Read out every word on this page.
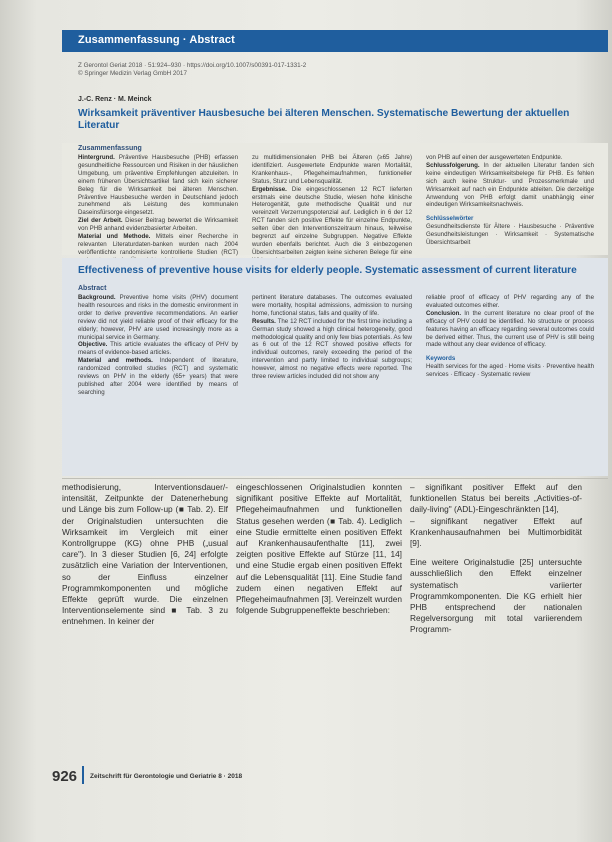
Zusammenfassung · Abstract
Z Gerontol Geriat 2018 · 51:924–930 · https://doi.org/10.1007/s00391-017-1331-2
© Springer Medizin Verlag GmbH 2017
J.-C. Renz · M. Meinck
Wirksamkeit präventiver Hausbesuche bei älteren Menschen. Systematische Bewertung der aktuellen Literatur
Zusammenfassung

Hintergrund. Präventive Hausbesuche (PHB) erfassen gesundheitliche Ressourcen und Risiken in der häuslichen Umgebung, um präventive Empfehlungen abzuleiten. In einem früheren Übersichtsartikel fand sich kein sicherer Beleg für die Wirksamkeit bei älteren Menschen. Präventive Hausbesuche werden in Deutschland jedoch zunehmend als Leistung des kommunalen Daseinsfürsorge eingesetzt.

Ziel der Arbeit. Dieser Beitrag bewertet die Wirksamkeit von PHB anhand evidenzbasierter Arbeiten.

Material und Methode. Mittels einer Recherche in relevanten Literaturdaten-banken wurden nach 2004 veröffentlichte randomisierte kontrollierte Studien (RCT)

zu multidimensionalen PHB bei Älteren (≥65 Jahre) identifiziert. Ausgewertete Endpunkte waren Mortalität, Krankenhaus-, Pflegeheimaufnahmen, funktioneller Status, Sturz und Lebensqualität.

Ergebnisse. Die eingeschlossenen 12 RCT lieferten erstmals eine deutsche Studie, wiesen hohe klinische Heterogenität, gute methodische Qualität und nur vereinzelt Verzerrungspotenzial auf. Lediglich in 6 der 12 RCT fanden sich positive Effekte für einzelne Endpunkte, selten über den Interventionszeitraum hinaus, teilweise begrenzt auf einzelne Subgruppen. Negative Effekte wurden ebenfalls berichtet. Auch die 3 einbezogenen Übersichtsarbeiten zeigten keine sicheren Belege für eine

von PHB auf einen der ausgewerteten Endpunkte.

Schlussfolgerung. In der aktuellen Literatur fanden sich keine eindeutigen Wirksamkeitsbelege für PHB. Es fehlen sich auch keine Struktur- und Prozessmerkmale und Wirksamkeit auf nach ein Endpunkte ableiten. Die derzeitige Anwendung von PHB erfolgt damit unabhängig einer eindeutigen Wirksamkeitsnachweis.

Schlüsselwörter

Gesundheitsdienste für Ältere · Hausbesuche · Präventive Gesundheitsleistungen · Wirksamkeit · Systematische Übersichtsarbeit

Effectiveness of preventive house visits for elderly people. Systematic assessment of current literature
Abstract

Background. Preventive home visits (PHV) document health resources and risks in the domestic environment in order to derive preventive recommendations. An earlier review did not yield reliable proof of their efficacy for the elderly; however, PHV are used increasingly more as a municipal service in Germany.

Objective. This article evaluates the efficacy of PHV by means of evidence-based articles.

Material and methods. Independent of literature, randomized controlled studies (RCT) and systematic reviews on PHV in the elderly (65+ years) that were published after 2004 were identified by means of searching

pertinent literature databases. The outcomes evaluated were mortality, hospital admissions, admission to nursing home, functional status, falls and quality of life.

Results. The 12 RCT included for the first time including a German study showed a high clinical heterogeneity, good methodological quality and only few bias potentials. As few as 6 out of the 12 RCT showed positive effects for individual outcomes, rarely exceeding the period of the intervention and partly limited to individual subgroups; however, almost no negative effects were reported. The three review articles included did not show any

reliable proof of efficacy of PHV regarding any of the evaluated outcomes either.

Conclusion. In the current literature no clear proof of the efficacy of PHV could be identified. No structure or process features having an efficacy regarding several outcomes could be derived either. Thus, the current use of PHV is still being made without any clear evidence of efficacy.

Keywords

Health services for the aged · Home visits · Preventive health services · Efficacy · Systematic review

methodisierung, Interventionsdauer/-intensität, Zeitpunkte der Datenerhebung und Länge bis zum Follow-up (■ Tab. 2). Elf der Originalstudien untersuchten die Wirksamkeit im Vergleich mit einer Kontrollgruppe (KG) ohne PHB („usual care"). In 3 dieser Studien [6, 24] erfolgte zusätzlich eine Variation der Interventionen, so der Einfluss einzelner Programmkomponenten und mögliche Effekte geprüft wurde. Die einzelnen Interventionselemente sind ■ Tab. 3 zu entnehmen. In keiner der

eingeschlossenen Originalstudien konnten signifikant positive Effekte auf Mortalität, Pflegeheimaufnahmen und funktionellen Status gesehen werden (■ Tab. 4). Lediglich eine Studie ermittelte einen positiven Effekt auf Krankenhausaufenthalte [11], zwei zeigten positive Effekte auf Stürze [11, 14] und eine Studie ergab einen positiven Effekt auf die Lebensqualität [11]. Eine Studie fand zudem einen negativen Effekt auf Pflegeheimaufnahmen [3]. Vereinzelt wurden folgende Subgruppeneffekte beschrieben:

– signifikant positiver Effekt auf den funktionellen Status bei bereits „Activities-of-daily-living" (ADL)-Eingeschränkten [14],

– signifikant negativer Effekt auf Krankenhausaufnahmen bei Multimorbidität [9].

Eine weitere Originalstudie [25] untersuchte ausschließlich den Effekt einzelner systematisch variierter Programmkomponenten. Die KG erhielt hier PHB entsprechend der nationalen Regelversorgung mit total variierendem Programm-

926 Zeitschrift für Gerontologie und Geriatrie 8 · 2018
